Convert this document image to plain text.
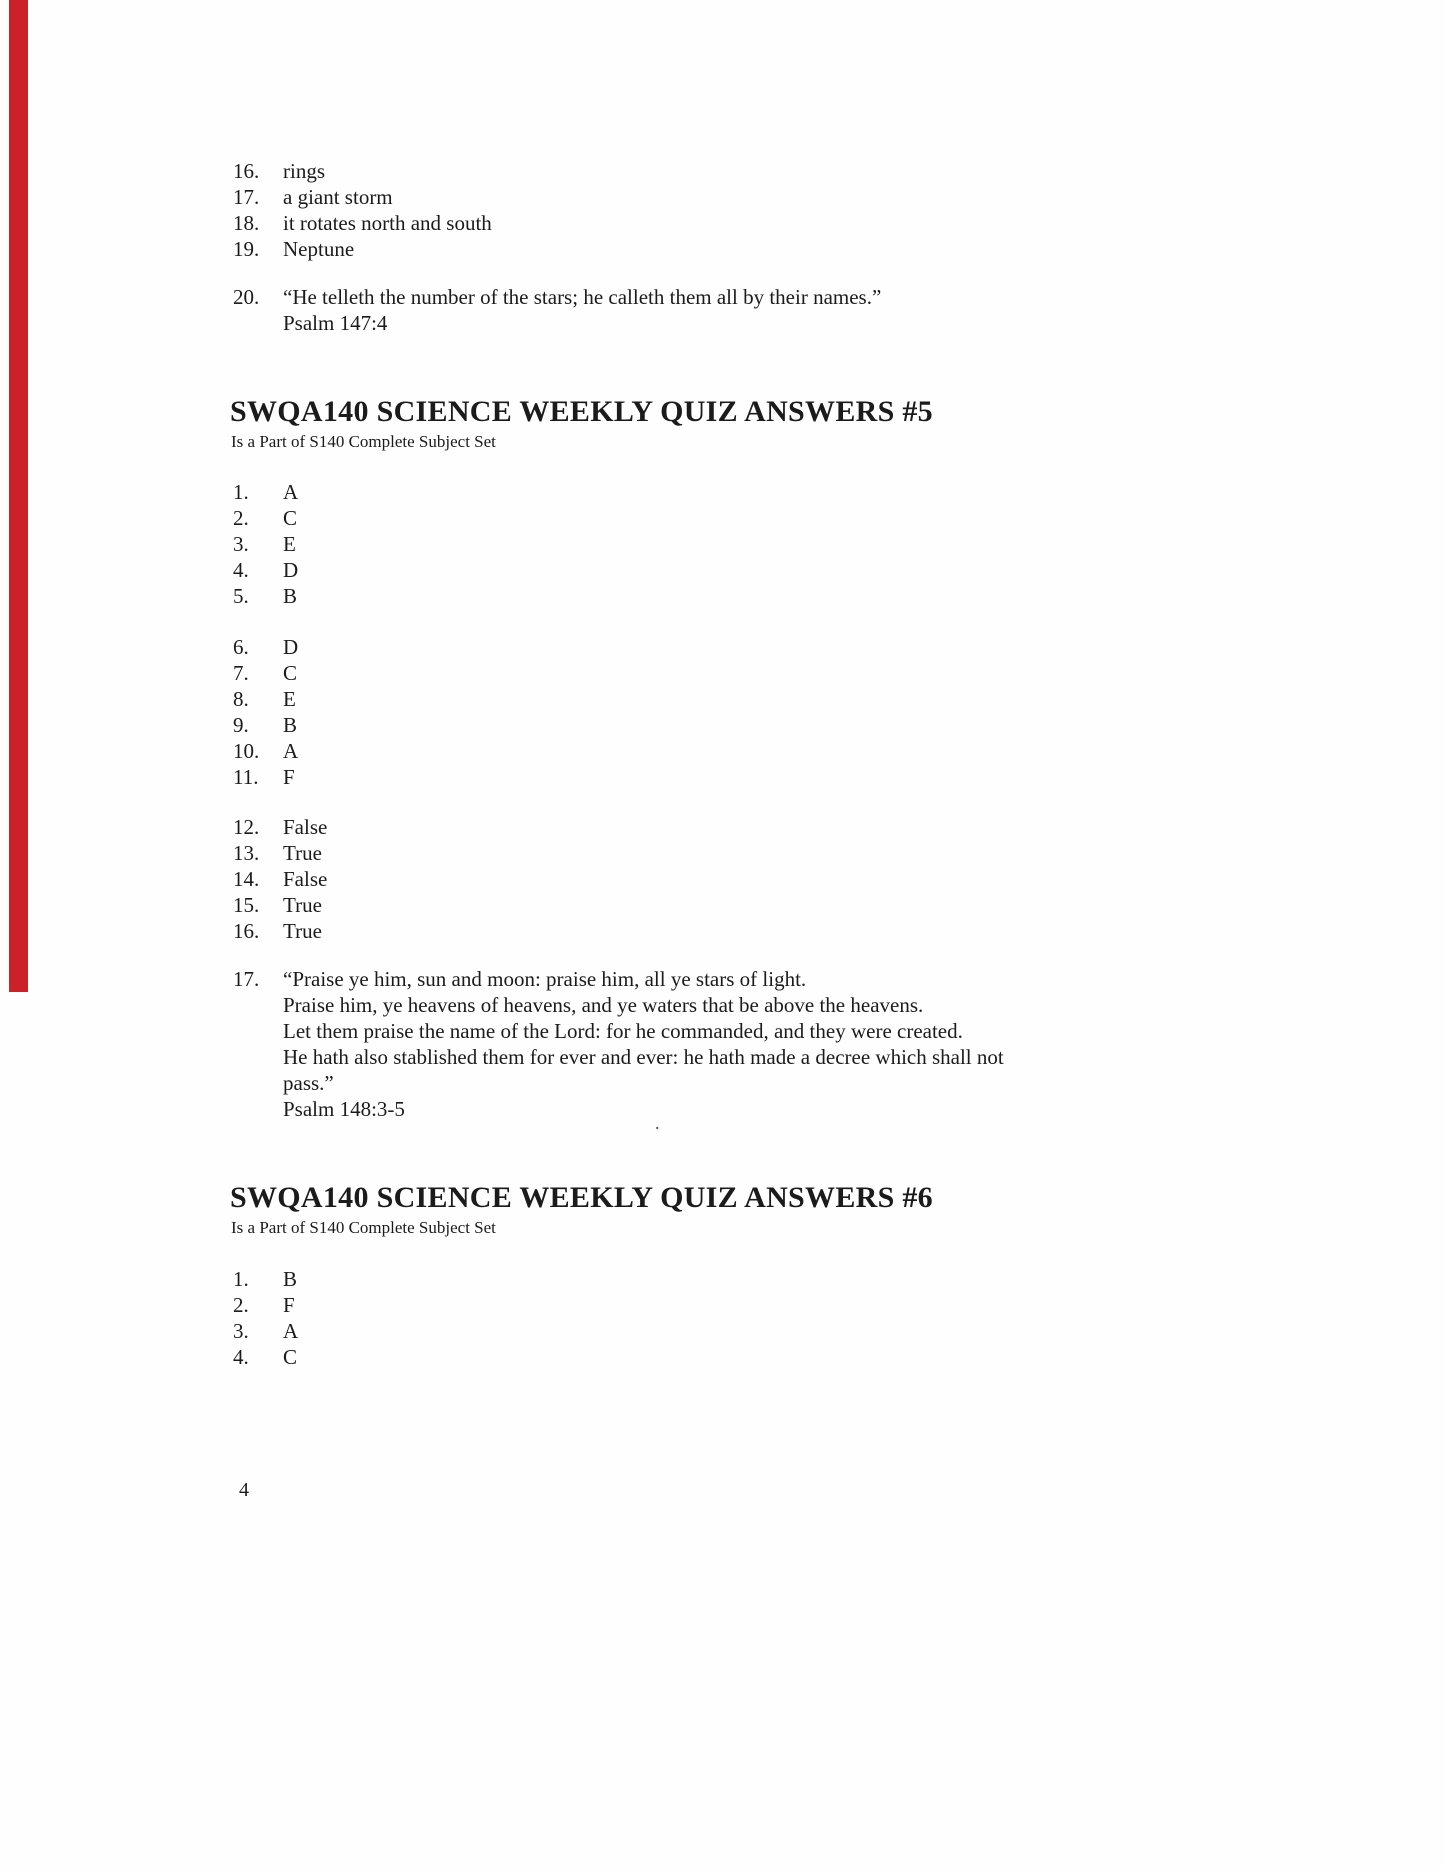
16.	rings
17.	a giant storm
18.	it rotates north and south
19.	Neptune
20.	“He telleth the number of the stars; he calleth them all by their names.”
Psalm 147:4
SWQA140 SCIENCE WEEKLY QUIZ ANSWERS #5

Is a Part of S140 Complete Subject Set

1.	A
2.	C
3.	E
4.	D
5.	B
6.	D
7.	C
8.	E
9.	B
10.	A
11.	F
12.	False
13.	True
14.	False
15.	True
16.	True
17.	“Praise ye him, sun and moon: praise him, all ye stars of light.
Praise him, ye heavens of heavens, and ye waters that be above the heavens.
Let them praise the name of the Lord: for he commanded, and they were created.
He hath also stablished them for ever and ever: he hath made a decree which shall not
pass.”
Psalm 148:3-5
.
SWQA140 SCIENCE WEEKLY QUIZ ANSWERS #6

Is a Part of S140 Complete Subject Set

1.	B
2.	F
3.	A
4.	C
4
